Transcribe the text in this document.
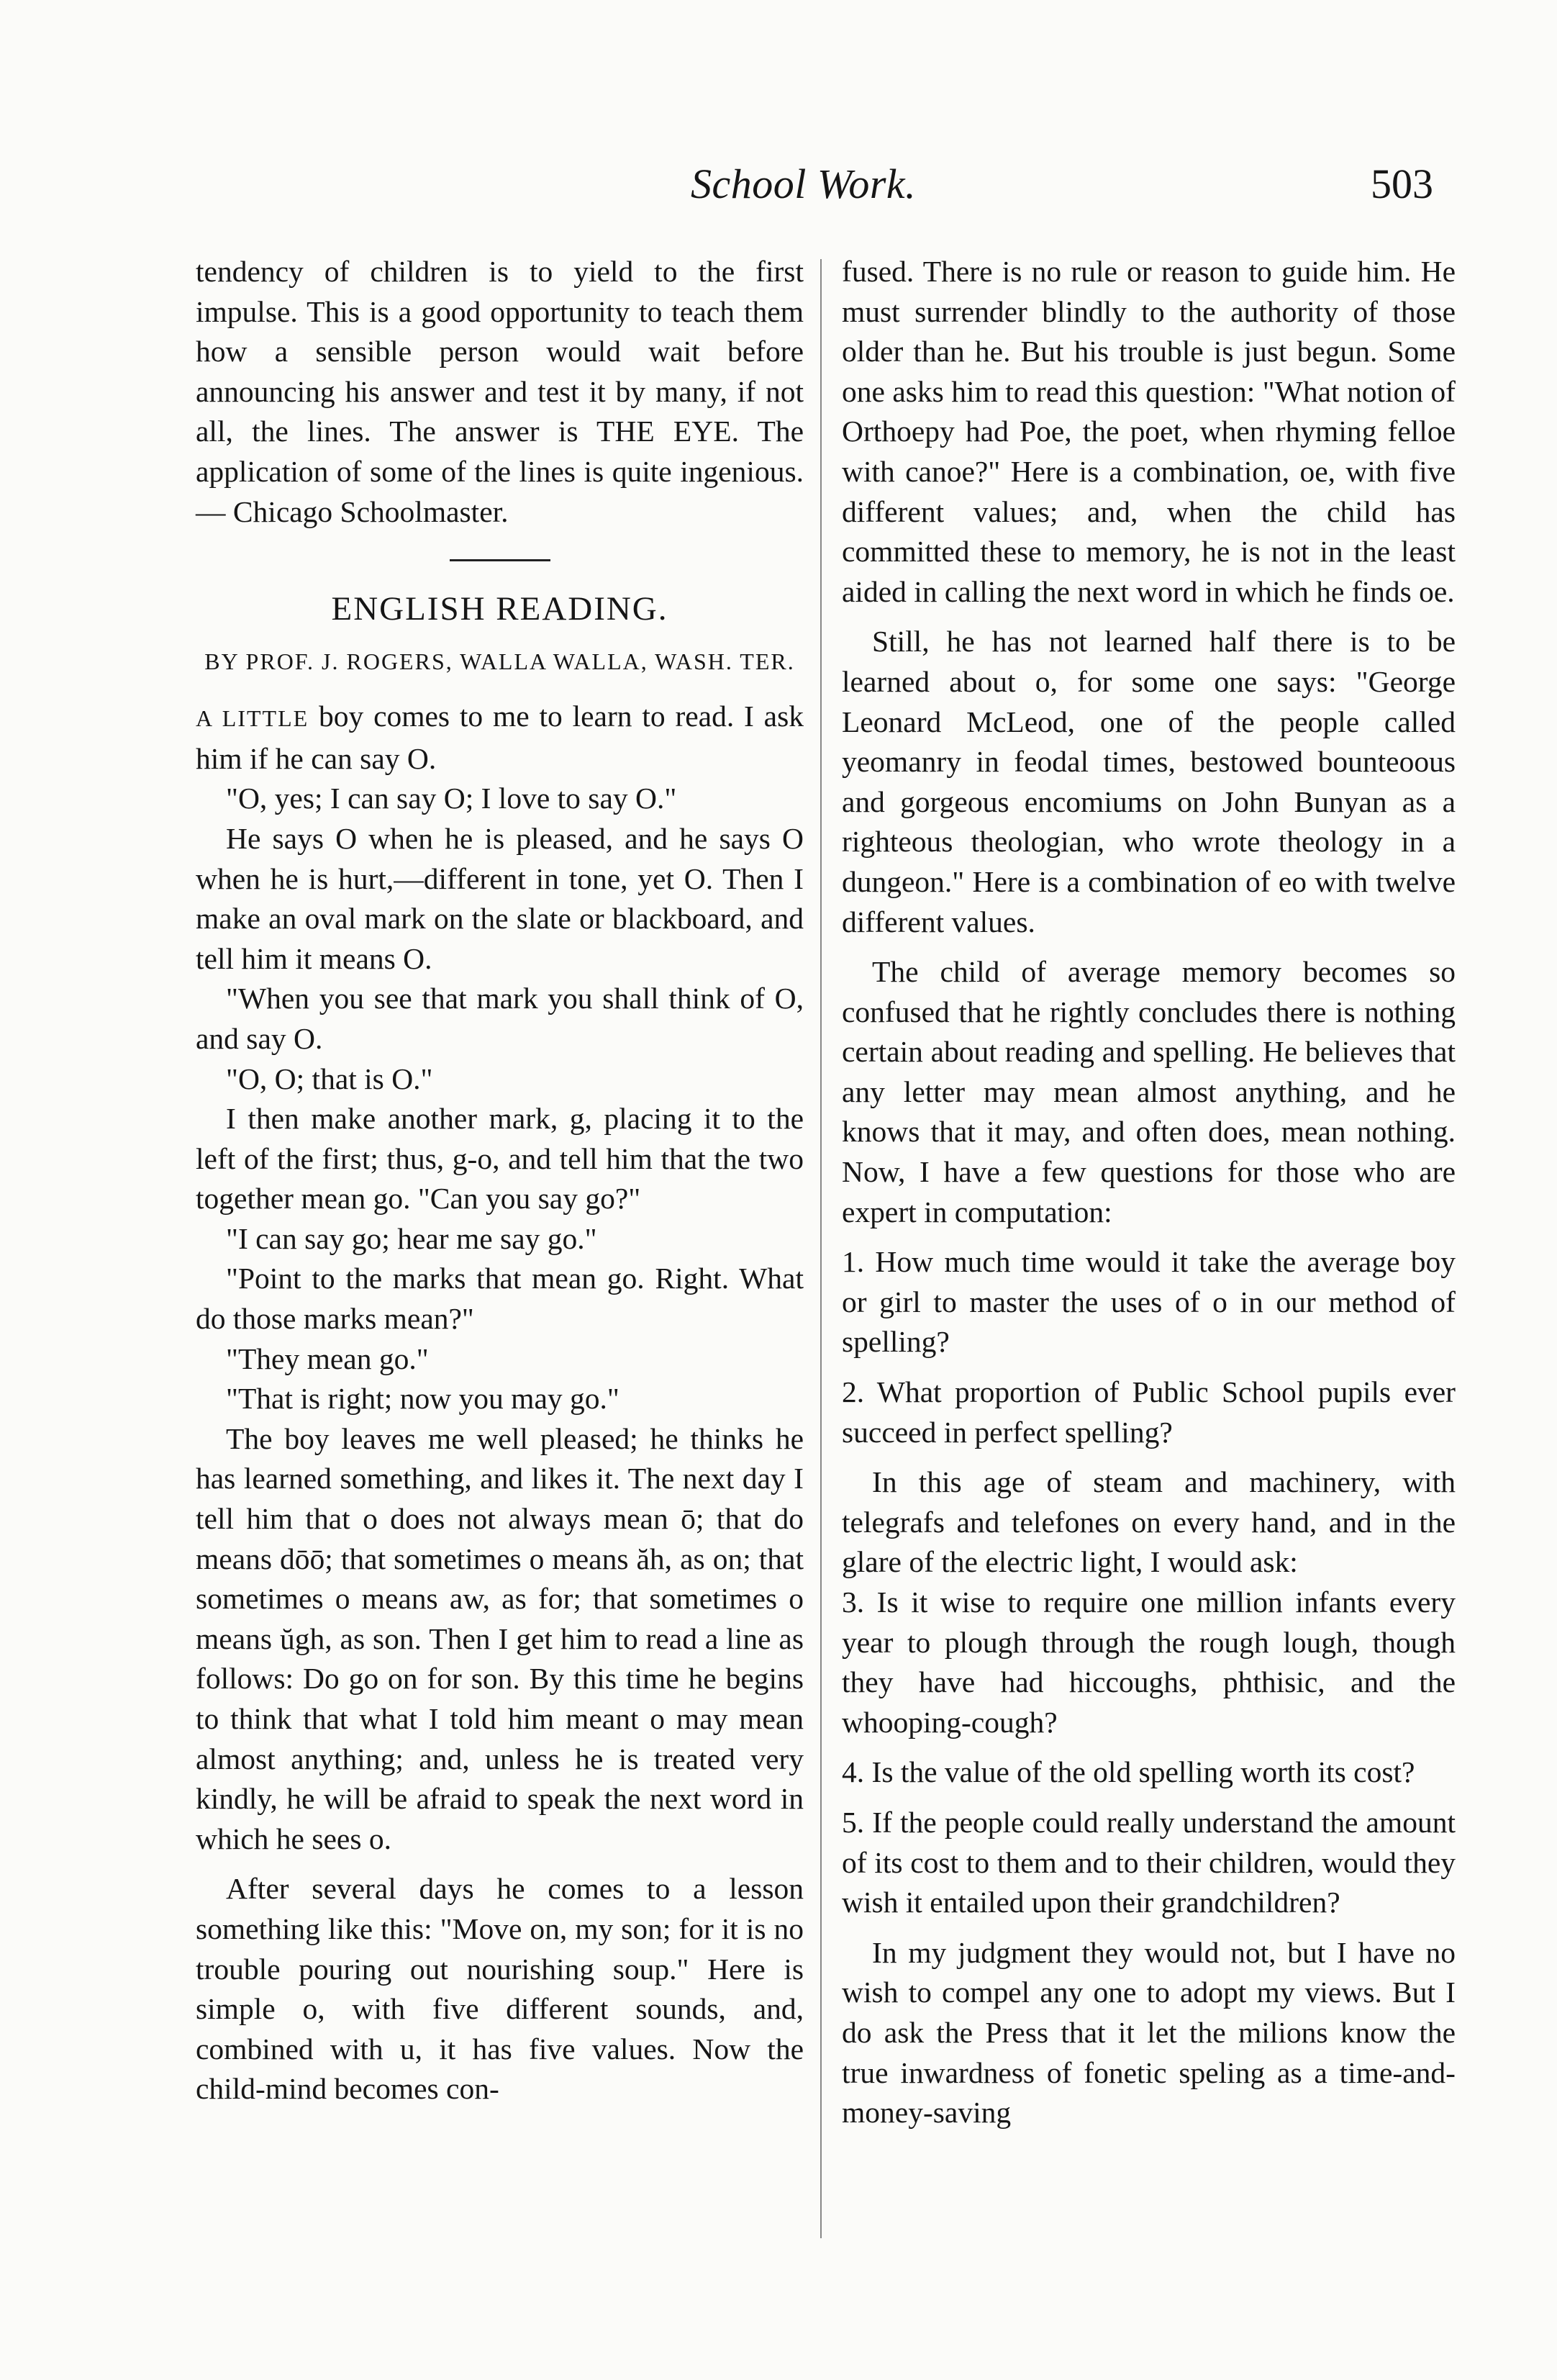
School Work.	503

tendency of children is to yield to the first impulse. This is a good opportunity to teach them how a sensible person would wait before announcing his answer and test it by many, if not all, the lines. The answer is THE EYE. The application of some of the lines is quite ingenious. — Chicago Schoolmaster.

ENGLISH READING.
BY PROF. J. ROGERS, WALLA WALLA, WASH. TER.

A LITTLE boy comes to me to learn to read. I ask him if he can say O.

"O, yes; I can say O; I love to say O."

He says O when he is pleased, and he says O when he is hurt,—different in tone, yet O. Then I make an oval mark on the slate or blackboard, and tell him it means O.

"When you see that mark you shall think of O, and say O.

"O, O; that is O."

I then make another mark, g, placing it to the left of the first; thus, g-o, and tell him that the two together mean go. "Can you say go?"

"I can say go; hear me say go."

"Point to the marks that mean go. Right. What do those marks mean?"

"They mean go."

"That is right; now you may go."

The boy leaves me well pleased; he thinks he has learned something, and likes it. The next day I tell him that o does not always mean ō; that do means dōō; that sometimes o means ăh, as on; that sometimes o means aw, as for; that sometimes o means ŭgh, as son. Then I get him to read a line as follows: Do go on for son. By this time he begins to think that what I told him meant o may mean almost anything; and, unless he is treated very kindly, he will be afraid to speak the next word in which he sees o.

After several days he comes to a lesson something like this: "Move on, my son; for it is no trouble pouring out nourishing soup." Here is simple o, with five different sounds, and, combined with u, it has five values. Now the child-mind becomes con-

fused. There is no rule or reason to guide him. He must surrender blindly to the authority of those older than he. But his trouble is just begun. Some one asks him to read this question: "What notion of Orthoepy had Poe, the poet, when rhyming felloe with canoe?" Here is a combination, oe, with five different values; and, when the child has committed these to memory, he is not in the least aided in calling the next word in which he finds oe.

Still, he has not learned half there is to be learned about o, for some one says: "George Leonard McLeod, one of the people called yeomanry in feodal times, bestowed bounteoous and gorgeous encomiums on John Bunyan as a righteous theologian, who wrote theology in a dungeon." Here is a combination of eo with twelve different values.

The child of average memory becomes so confused that he rightly concludes there is nothing certain about reading and spelling. He believes that any letter may mean almost anything, and he knows that it may, and often does, mean nothing. Now, I have a few questions for those who are expert in computation:

1. How much time would it take the average boy or girl to master the uses of o in our method of spelling?

2. What proportion of Public School pupils ever succeed in perfect spelling?

In this age of steam and machinery, with telegrafs and telefones on every hand, and in the glare of the electric light, I would ask:

3. Is it wise to require one million infants every year to plough through the rough lough, though they have had hiccoughs, phthisic, and the whooping-cough?

4. Is the value of the old spelling worth its cost?

5. If the people could really understand the amount of its cost to them and to their children, would they wish it entailed upon their grandchildren?

In my judgment they would not, but I have no wish to compel any one to adopt my views. But I do ask the Press that it let the milions know the true inwardness of fonetic speling as a time-and-money-saving
